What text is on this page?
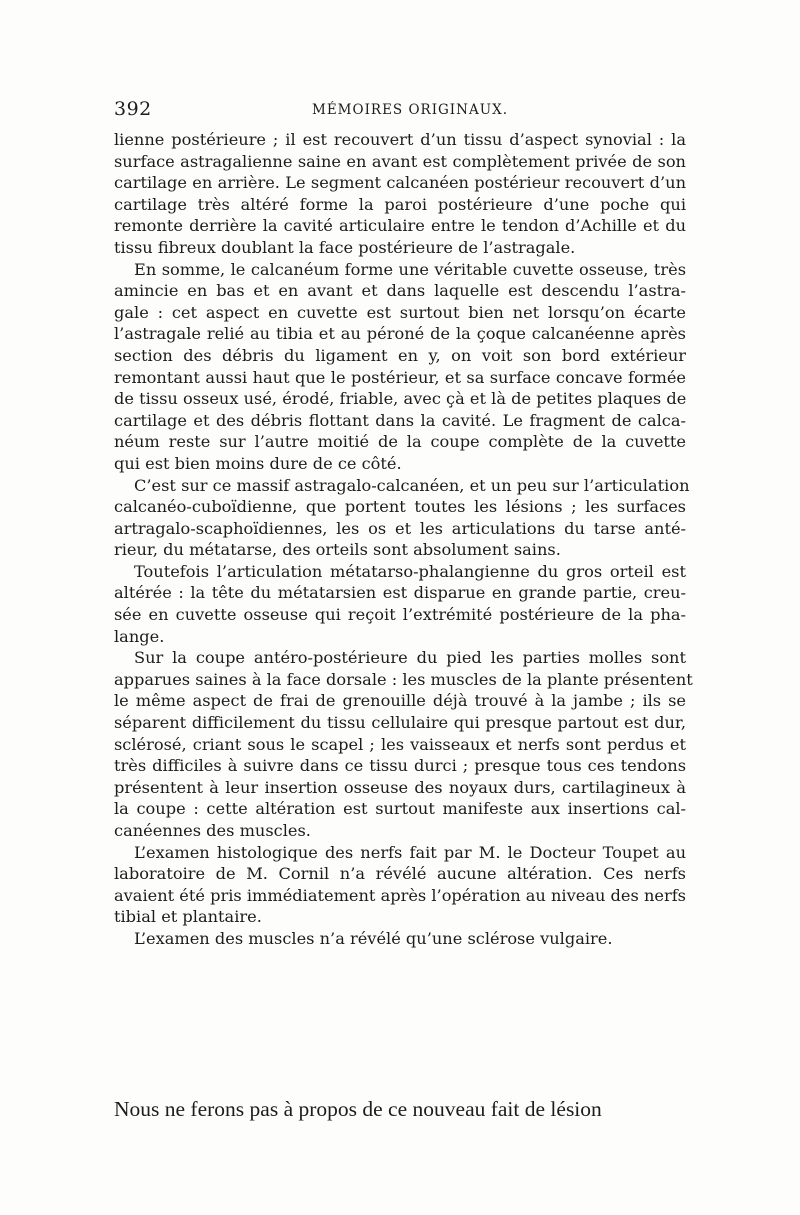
392	MÉMOIRES ORIGINAUX.
lienne postérieure ; il est recouvert d’un tissu d’aspect synovial : la
surface astragalienne saine en avant est complètement privée de son
cartilage en arrière. Le segment calcanéen postérieur recouvert d’un
cartilage très altéré forme la paroi postérieure d’une poche qui
remonte derrière la cavité articulaire entre le tendon d’Achille et du
tissu fibreux doublant la face postérieure de l’astragale.
En somme, le calcanéum forme une véritable cuvette osseuse, très
amincie en bas et en avant et dans laquelle est descendu l’astra-
gale : cet aspect en cuvette est surtout bien net lorsqu’on écarte
l’astragale relié au tibia et au péroné de la çoque calcanéenne après
section des débris du ligament en y, on voit son bord extérieur
remontant aussi haut que le postérieur, et sa surface concave formée
de tissu osseux usé, érodé, friable, avec çà et là de petites plaques de
cartilage et des débris flottant dans la cavité. Le fragment de calca-
néum reste sur l’autre moitié de la coupe complète de la cuvette
qui est bien moins dure de ce côté.
C’est sur ce massif astragalo-calcanéen, et un peu sur l’articulation
calcanéo-cuboïdienne, que portent toutes les lésions ; les surfaces
artragalo-scaphoïdiennes, les os et les articulations du tarse anté-
rieur, du métatarse, des orteils sont absolument sains.
Toutefois l’articulation métatarso-phalangienne du gros orteil est
altérée : la tête du métatarsien est disparue en grande partie, creu-
sée en cuvette osseuse qui reçoit l’extrémité postérieure de la pha-
lange.
Sur la coupe antéro-postérieure du pied les parties molles sont
apparues saines à la face dorsale : les muscles de la plante présentent
le même aspect de frai de grenouille déjà trouvé à la jambe ; ils se
séparent difficilement du tissu cellulaire qui presque partout est dur,
sclérosé, criant sous le scapel ; les vaisseaux et nerfs sont perdus et
très difficiles à suivre dans ce tissu durci ; presque tous ces tendons
présentent à leur insertion osseuse des noyaux durs, cartilagineux à
la coupe : cette altération est surtout manifeste aux insertions cal-
canéennes des muscles.
L’examen histologique des nerfs fait par M. le Docteur Toupet au
laboratoire de M. Cornil n’a révélé aucune altération. Ces nerfs
avaient été pris immédiatement après l’opération au niveau des nerfs
tibial et plantaire.
L’examen des muscles n’a révélé qu’une sclérose vulgaire.
Nous ne ferons pas à propos de ce nouveau fait de lésion
